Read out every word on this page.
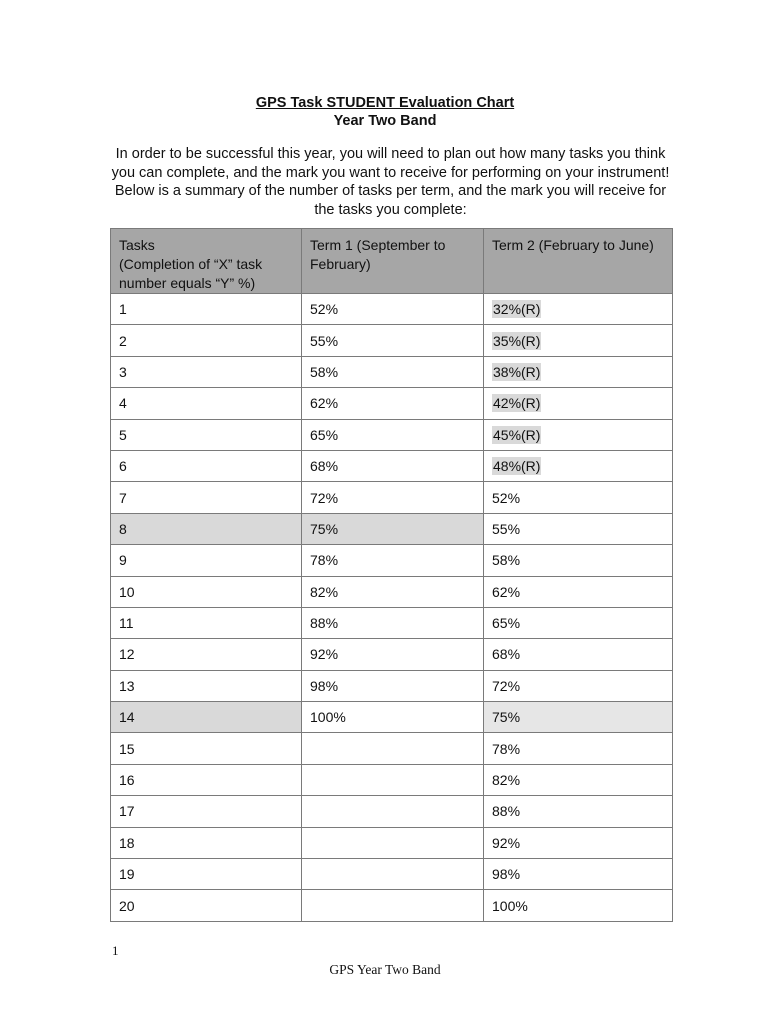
GPS Task STUDENT Evaluation Chart
Year Two Band
In order to be successful this year, you will need to plan out how many tasks you think you can complete, and the mark you want to receive for performing on your instrument! Below is a summary of the number of tasks per term, and the mark you will receive for the tasks you complete:
Tasks
(Completion of “X” task number equals “Y” %)	Term 1 (September to February)	Term 2 (February to June)
1	52%	32%(R)
2	55%	35%(R)
3	58%	38%(R)
4	62%	42%(R)
5	65%	45%(R)
6	68%	48%(R)
7	72%	52%
8	75%	55%
9	78%	58%
10	82%	62%
11	88%	65%
12	92%	68%
13	98%	72%
14	100%	75%
15		78%
16		82%
17		88%
18		92%
19		98%
20		100%
1
GPS Year Two Band
